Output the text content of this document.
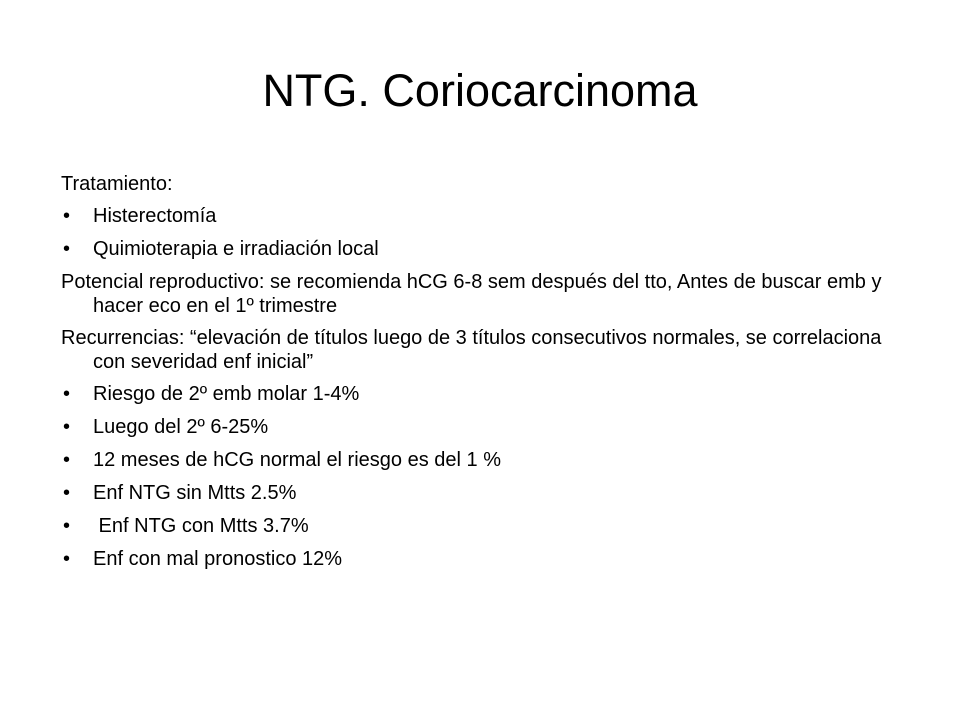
NTG. Coriocarcinoma
Tratamiento:
•	Histerectomía
•	Quimioterapia e irradiación local
Potencial reproductivo: se recomienda hCG 6-8 sem después del tto, Antes de buscar emb y hacer eco en el 1º trimestre
Recurrencias: “elevación de títulos luego de 3 títulos consecutivos normales, se correlaciona con severidad enf inicial”
•	Riesgo de 2º emb molar 1-4%
•	Luego del 2º 6-25%
•	12 meses de hCG normal el riesgo es del 1 %
•	Enf NTG sin Mtts 2.5%
•	Enf NTG con Mtts 3.7%
•	Enf con mal pronostico 12%
